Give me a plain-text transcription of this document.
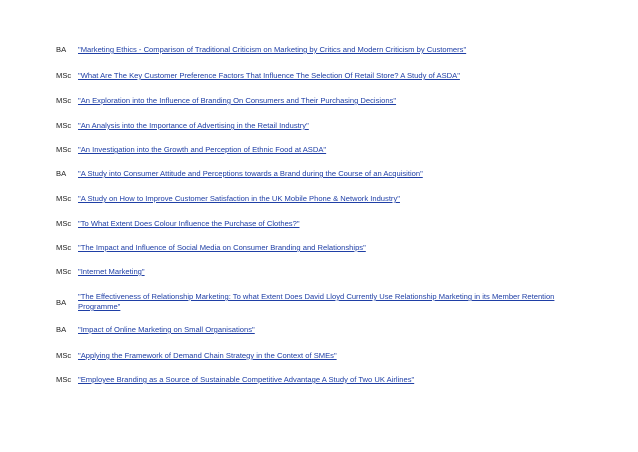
BA "Marketing Ethics - Comparison of Traditional Criticism on Marketing by Critics and Modern Criticism by Customers"
MSc "What Are The Key Customer Preference Factors That Influence The Selection Of Retail Store? A Study of ASDA"
MSc "An Exploration into the Influence of Branding On Consumers and Their Purchasing Decisions"
MSc "An Analysis into the Importance of Advertising in the Retail Industry"
MSc "An Investigation into the Growth and Perception of Ethnic Food at ASDA"
BA "A Study into Consumer Attitude and Perceptions towards a Brand during the Course of an Acquisition"
MSc "A Study on How to Improve Customer Satisfaction in the UK Mobile Phone & Network Industry"
MSc "To What Extent Does Colour Influence the Purchase of Clothes?"
MSc "The Impact and Influence of Social Media on Consumer Branding and Relationships"
MSc "Internet Marketing"
BA
"The Effectiveness of Relationship Marketing: To what Extent Does David Lloyd Currently Use Relationship Marketing in its Member Retention Programme"
BA "Impact of Online Marketing on Small Organisations"
MSc "Applying the Framework of Demand Chain Strategy in the Context of SMEs"
MSc "Employee Branding as a Source of Sustainable Competitive Advantage A Study of Two UK Airlines"
